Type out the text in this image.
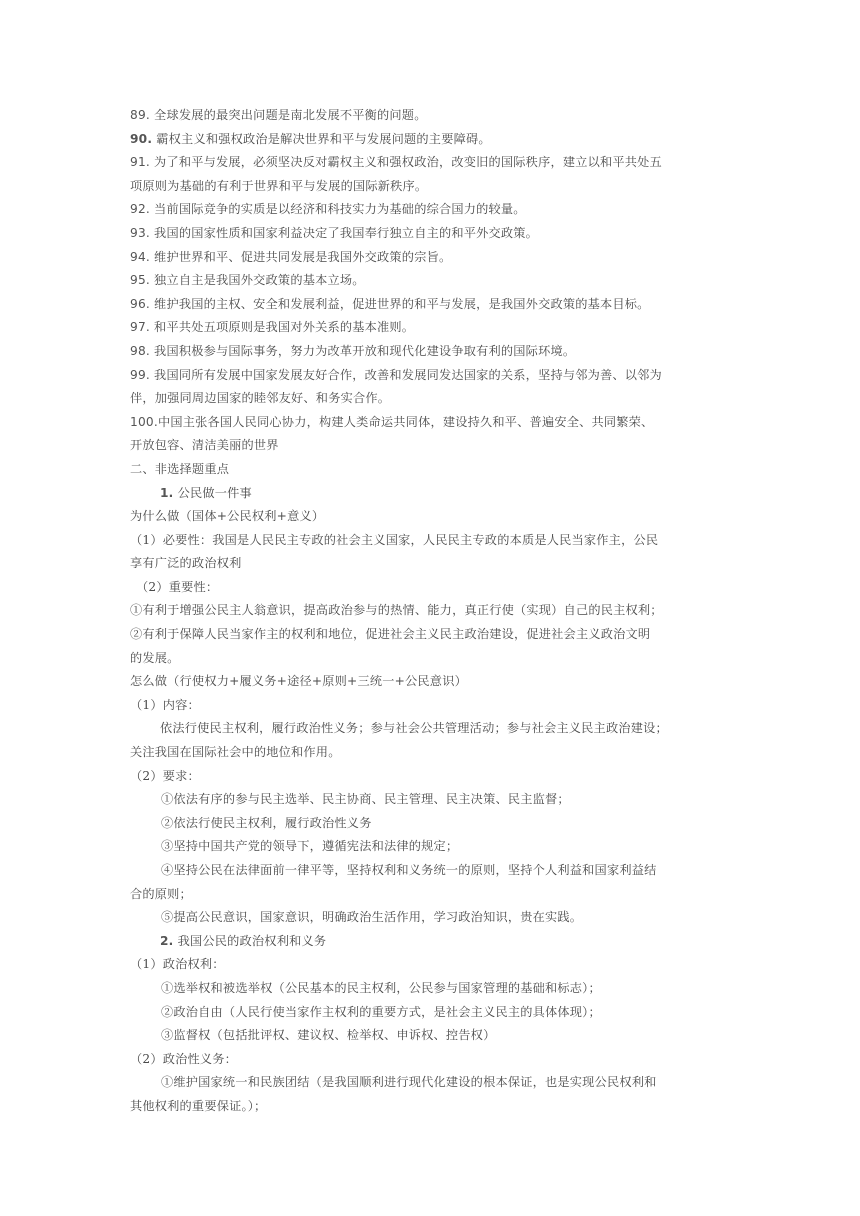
89. 全球发展的最突出问题是南北发展不平衡的问题。
90. 霸权主义和强权政治是解决世界和平与发展问题的主要障碍。
91. 为了和平与发展，必须坚决反对霸权主义和强权政治，改变旧的国际秩序，建立以和平共处五
项原则为基础的有利于世界和平与发展的国际新秩序。
92. 当前国际竞争的实质是以经济和科技实力为基础的综合国力的较量。
93. 我国的国家性质和国家利益决定了我国奉行独立自主的和平外交政策。
94. 维护世界和平、促进共同发展是我国外交政策的宗旨。
95. 独立自主是我国外交政策的基本立场。
96. 维护我国的主权、安全和发展利益，促进世界的和平与发展，是我国外交政策的基本目标。
97. 和平共处五项原则是我国对外关系的基本准则。
98. 我国积极参与国际事务，努力为改革开放和现代化建设争取有利的国际环境。
99. 我国同所有发展中国家发展友好合作，改善和发展同发达国家的关系，坚持与邻为善、以邻为
伴，加强同周边国家的睦邻友好、和务实合作。
100.中国主张各国人民同心协力，构建人类命运共同体，建设持久和平、普遍安全、共同繁荣、
开放包容、清洁美丽的世界
二、非选择题重点
1. 公民做一件事
为什么做（国体+公民权利+意义）
（1）必要性：我国是人民民主专政的社会主义国家，人民民主专政的本质是人民当家作主，公民
享有广泛的政治权利
（2）重要性：
①有利于增强公民主人翁意识，提高政治参与的热情、能力，真正行使（实现）自己的民主权利；
②有利于保障人民当家作主的权利和地位，促进社会主义民主政治建设，促进社会主义政治文明
的发展。
怎么做（行使权力+履义务+途径+原则+三统一+公民意识）
（1）内容：
依法行使民主权利，履行政治性义务；参与社会公共管理活动；参与社会主义民主政治建设；
关注我国在国际社会中的地位和作用。
（2）要求：
①依法有序的参与民主选举、民主协商、民主管理、民主决策、民主监督；
②依法行使民主权利，履行政治性义务
③坚持中国共产党的领导下，遵循宪法和法律的规定；
④坚持公民在法律面前一律平等，坚持权利和义务统一的原则，坚持个人利益和国家利益结
合的原则；
⑤提高公民意识，国家意识，明确政治生活作用，学习政治知识，贵在实践。
2. 我国公民的政治权利和义务
（1）政治权利：
①选举权和被选举权（公民基本的民主权利，公民参与国家管理的基础和标志）；
②政治自由（人民行使当家作主权利的重要方式，是社会主义民主的具体体现）；
③监督权（包括批评权、建议权、检举权、申诉权、控告权）
（2）政治性义务：
①维护国家统一和民族团结（是我国顺利进行现代化建设的根本保证，也是实现公民权利和
其他权利的重要保证。）；
